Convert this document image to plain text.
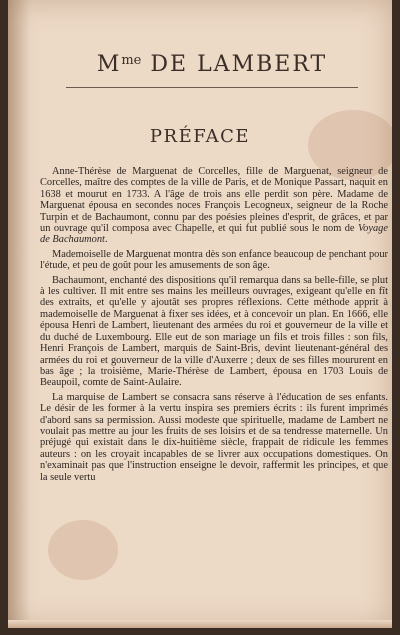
$M^{me}$ DE LAMBERT
PRÉFACE

Anne-Thérèse de Marguenat de Corcelles, fille de Marguenat, seigneur de Corcelles, maître des comptes de la ville de Paris, et de Monique Passart, naquit en 1638 et mourut en 1733. A l'âge de trois ans elle perdit son père. Madame de Marguenat épousa en secondes noces François Lecogneux, seigneur de la Roche Turpin et de Bachaumont, connu par des poésies pleines d'esprit, de grâces, et par un ouvrage qu'il composa avec Chapelle, et qui fut publié sous le nom de Voyage de Bachaumont.

Mademoiselle de Marguenat montra dès son enfance beaucoup de penchant pour l'étude, et peu de goût pour les amusements de son âge.

Bachaumont, enchanté des dispositions qu'il remarqua dans sa belle-fille, se plut à les cultiver. Il mit entre ses mains les meilleurs ouvrages, exigeant qu'elle en fît des extraits, et qu'elle y ajoutât ses propres réflexions. Cette méthode apprit à mademoiselle de Marguenat à fixer ses idées, et à concevoir un plan. En 1666, elle épousa Henri de Lambert, lieutenant des armées du roi et gouverneur de la ville et du duché de Luxembourg. Elle eut de son mariage un fils et trois filles : son fils, Henri François de Lambert, marquis de Saint-Bris, devint lieutenant-général des armées du roi et gouverneur de la ville d'Auxerre ; deux de ses filles moururent en bas âge ; la troisième, Marie-Thérèse de Lambert, épousa en 1703 Louis de Beaupoil, comte de Saint-Aulaire.

La marquise de Lambert se consacra sans réserve à l'éducation de ses enfants. Le désir de les former à la vertu inspira ses premiers écrits : ils furent imprimés d'abord sans sa permission. Aussi modeste que spirituelle, madame de Lambert ne voulait pas mettre au jour les fruits de ses loisirs et de sa tendresse maternelle. Un préjugé qui existait dans le dix-huitième siècle, frappait de ridicule les femmes auteurs : on les croyait incapables de se livrer aux occupations domestiques. On n'examinait pas que l'instruction enseigne le devoir, raffermit les principes, et que la seule vertu
